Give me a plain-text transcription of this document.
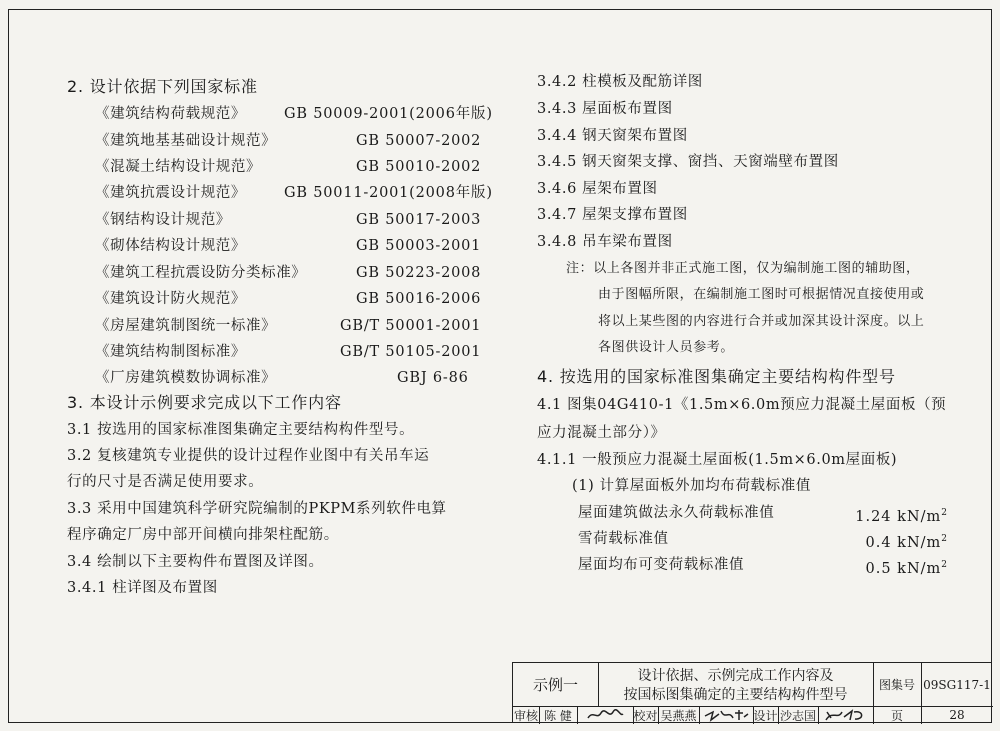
2. 设计依据下列国家标准
《建筑结构荷载规范》	GB 50009-2001(2006年版)
《建筑地基基础设计规范》	GB 50007-2002
《混凝土结构设计规范》	GB 50010-2002
《建筑抗震设计规范》	GB 50011-2001(2008年版)
《钢结构设计规范》	GB 50017-2003
《砌体结构设计规范》	GB 50003-2001
《建筑工程抗震设防分类标准》	GB 50223-2008
《建筑设计防火规范》	GB 50016-2006
《房屋建筑制图统一标准》	GB/T 50001-2001
《建筑结构制图标准》	GB/T 50105-2001
《厂房建筑模数协调标准》	GBJ 6-86
3. 本设计示例要求完成以下工作内容
3.1 按选用的国家标准图集确定主要结构构件型号。
3.2 复核建筑专业提供的设计过程作业图中有关吊车运
行的尺寸是否满足使用要求。
3.3 采用中国建筑科学研究院编制的PKPM系列软件电算
程序确定厂房中部开间横向排架柱配筋。
3.4 绘制以下主要构件布置图及详图。
3.4.1 柱详图及布置图
3.4.2 柱模板及配筋详图
3.4.3 屋面板布置图
3.4.4 钢天窗架布置图
3.4.5 钢天窗架支撑、窗挡、天窗端壁布置图
3.4.6 屋架布置图
3.4.7 屋架支撑布置图
3.4.8 吊车梁布置图
注：以上各图并非正式施工图，仅为编制施工图的辅助图，
由于图幅所限，在编制施工图时可根据情况直接使用或
将以上某些图的内容进行合并或加深其设计深度。以上
各图供设计人员参考。
4. 按选用的国家标准图集确定主要结构构件型号
4.1 图集04G410-1《1.5m×6.0m预应力混凝土屋面板（预
应力混凝土部分）》
4.1.1 一般预应力混凝土屋面板(1.5m×6.0m屋面板)
(1) 计算屋面板外加均布荷载标准值
屋面建筑做法永久荷载标准值	1.24 $kN/m^2$
雪荷载标准值	0.4 $kN/m^2$
屋面均布可变荷载标准值	0.5 $kN/m^2$
示例一	设计依据、示例完成工作内容及
按国标图集确定的主要结构构件型号
图集号 09SG117-1
审核 陈 健	校对 吴燕燕	设计 沙志国	页	28
